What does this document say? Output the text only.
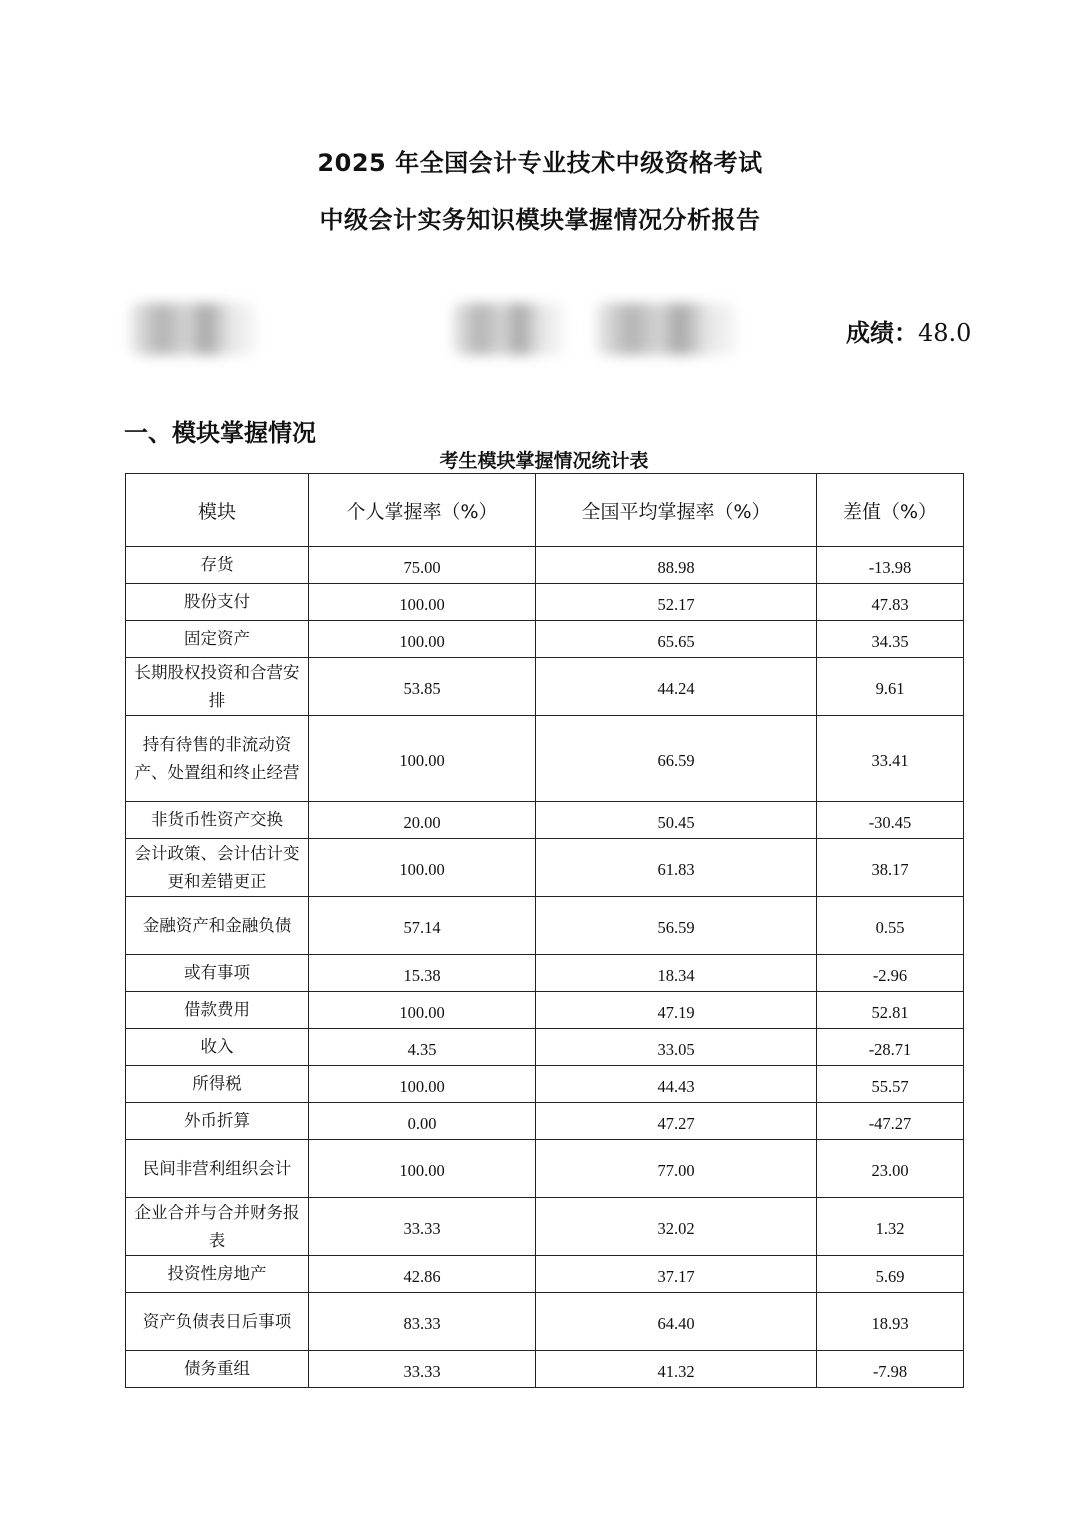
2025 年全国会计专业技术中级资格考试
中级会计实务知识模块掌握情况分析报告
成绩：48.0
一、模块掌握情况
考生模块掌握情况统计表
模块	个人掌握率（%）	全国平均掌握率（%）	差值（%）
存货	75.00	88.98	-13.98
股份支付	100.00	52.17	47.83
固定资产	100.00	65.65	34.35
长期股权投资和合营安排	53.85	44.24	9.61
持有待售的非流动资产、处置组和终止经营	100.00	66.59	33.41
非货币性资产交换	20.00	50.45	-30.45
会计政策、会计估计变更和差错更正	100.00	61.83	38.17
金融资产和金融负债	57.14	56.59	0.55
或有事项	15.38	18.34	-2.96
借款费用	100.00	47.19	52.81
收入	4.35	33.05	-28.71
所得税	100.00	44.43	55.57
外币折算	0.00	47.27	-47.27
民间非营利组织会计	100.00	77.00	23.00
企业合并与合并财务报表	33.33	32.02	1.32
投资性房地产	42.86	37.17	5.69
资产负债表日后事项	83.33	64.40	18.93
债务重组	33.33	41.32	-7.98
